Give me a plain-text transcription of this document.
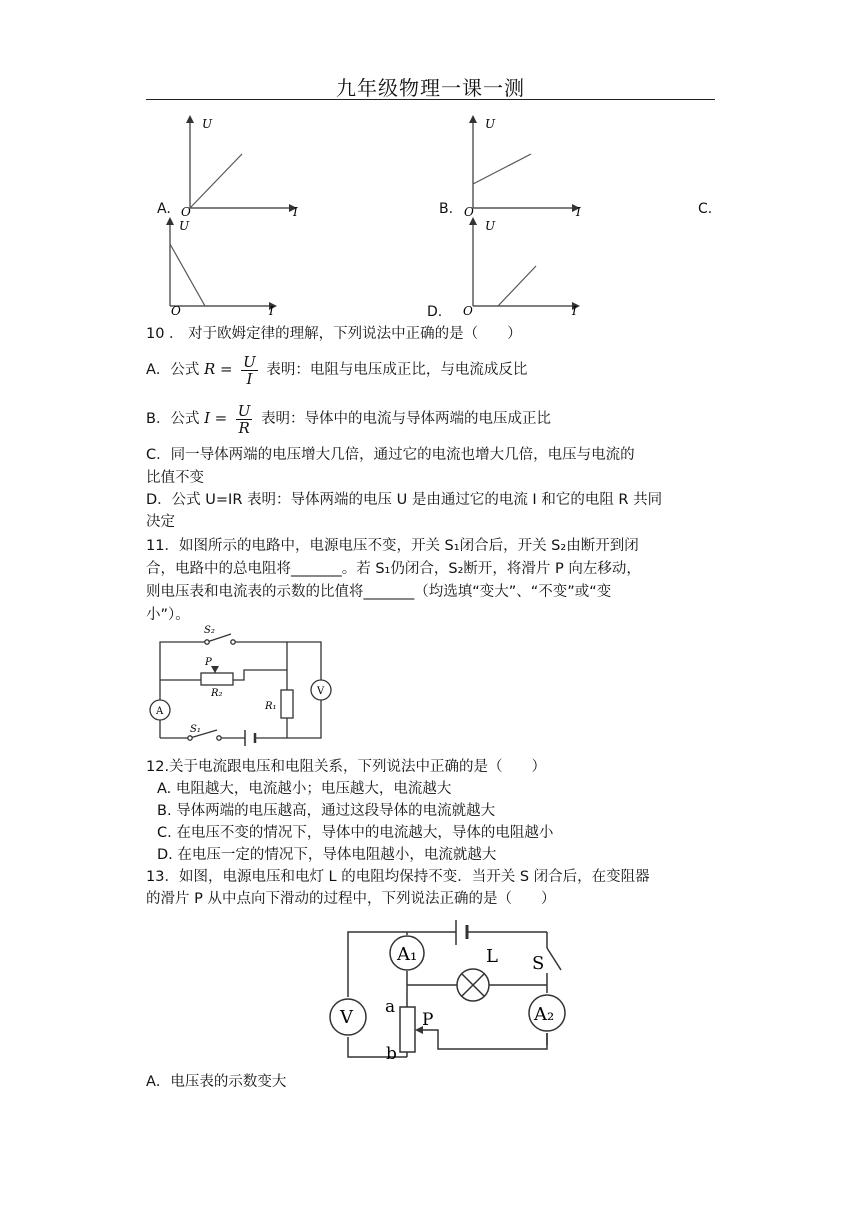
九年级物理一课一测
A.	B.	C.
D.
U
I
O
U
I
O
U
I
O
U
I
O
10 ． 对于欧姆定律的理解，下列说法中正确的是（　　）
A．公式 $R = \frac{U}{I}$ 表明：电阻与电压成正比，与电流成反比
B．公式 $I = \frac{U}{R}$ 表明：导体中的电流与导体两端的电压成正比
C．同一导体两端的电压增大几倍，通过它的电流也增大几倍，电压与电流的
比值不变
D．公式 U=IR 表明：导体两端的电压 U 是由通过它的电流 I 和它的电阻 R 共同
决定
11．如图所示的电路中，电源电压不变，开关 S₁闭合后，开关 S₂由断开到闭
合，电路中的总电阻将_______。若 S₁仍闭合，S₂断开，将滑片 P 向左移动，
则电压表和电流表的示数的比值将_______（均选填“变大”、“不变”或“变
小”）。
S₂
P
R₂
R₁
V
A
S₁
12.关于电流跟电压和电阻关系，下列说法中正确的是（　　）
A. 电阻越大，电流越小；电压越大，电流越大
B. 导体两端的电压越高，通过这段导体的电流就越大
C. 在电压不变的情况下，导体中的电流越大，导体的电阻越小
D. 在电压一定的情况下，导体电阻越小，电流就越大
13．如图，电源电压和电灯 L 的电阻均保持不变．当开关 S 闭合后，在变阻器
的滑片 P 从中点向下滑动的过程中，下列说法正确的是（　　）
A₁	L S
V a
b
P	A₂
A．电压表的示数变大
